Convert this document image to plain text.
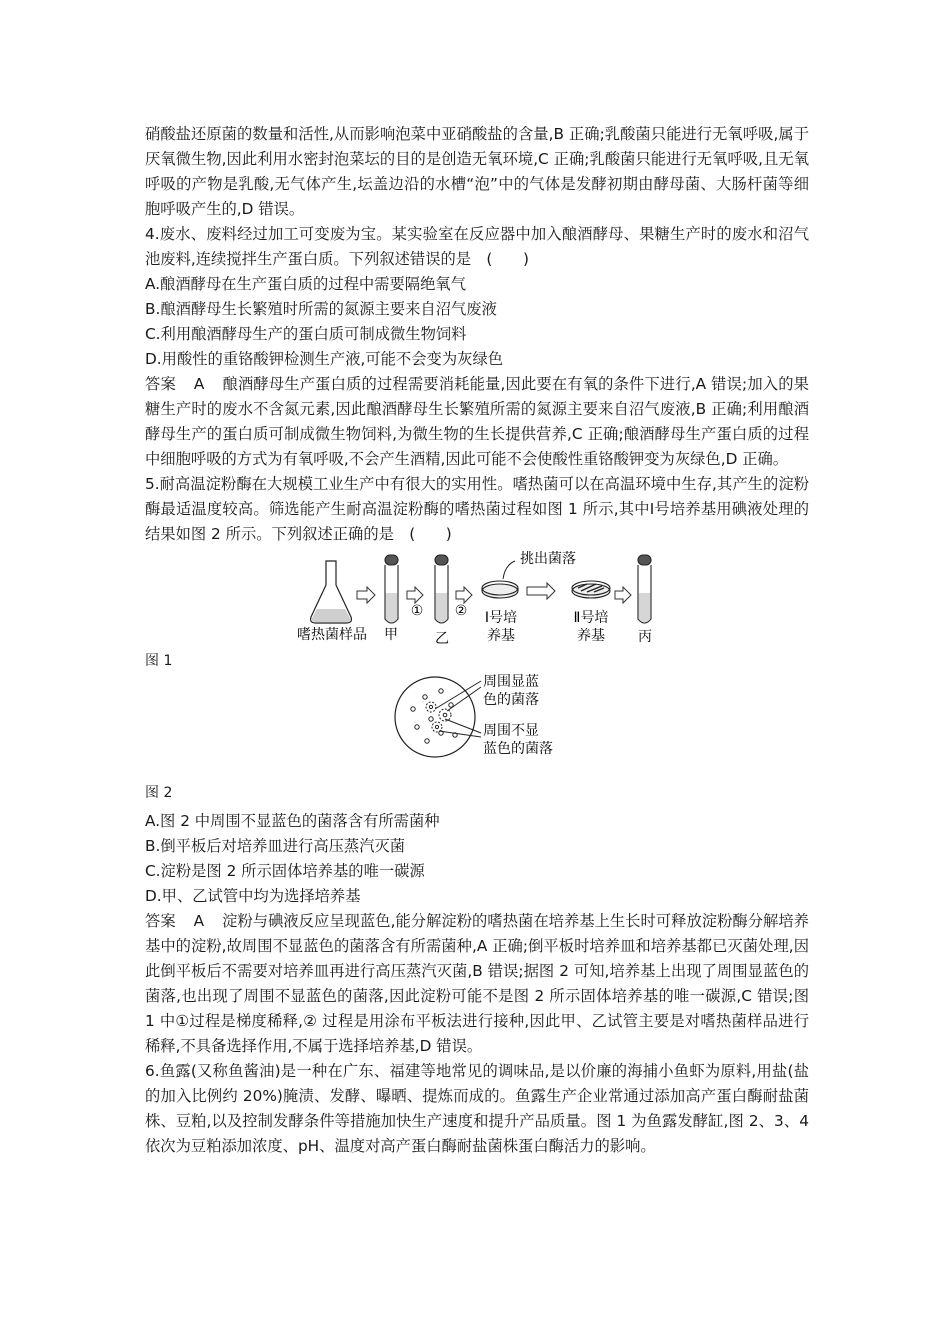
硝酸盐还原菌的数量和活性,从而影响泡菜中亚硝酸盐的含量,B 正确;乳酸菌只能进行无氧呼吸,属于厌氧微生物,因此利用水密封泡菜坛的目的是创造无氧环境,C 正确;乳酸菌只能进行无氧呼吸,且无氧呼吸的产物是乳酸,无气体产生,坛盖边沿的水槽“泡”中的气体是发酵初期由酵母菌、大肠杆菌等细胞呼吸产生的,D 错误。

4.废水、废料经过加工可变废为宝。某实验室在反应器中加入酿酒酵母、果糖生产时的废水和沼气池废料,连续搅拌生产蛋白质。下列叙述错误的是　(　　)

A.酿酒酵母在生产蛋白质的过程中需要隔绝氧气

B.酿酒酵母生长繁殖时所需的氮源主要来自沼气废液

C.利用酿酒酵母生产的蛋白质可制成微生物饲料

D.用酸性的重铬酸钾检测生产液,可能不会变为灰绿色

答案 A 酿酒酵母生产蛋白质的过程需要消耗能量,因此要在有氧的条件下进行,A 错误;加入的果糖生产时的废水不含氮元素,因此酿酒酵母生长繁殖所需的氮源主要来自沼气废液,B 正确;利用酿酒酵母生产的蛋白质可制成微生物饲料,为微生物的生长提供营养,C 正确;酿酒酵母生产蛋白质的过程中细胞呼吸的方式为有氧呼吸,不会产生酒精,因此可能不会使酸性重铬酸钾变为灰绿色,D 正确。

5.耐高温淀粉酶在大规模工业生产中有很大的实用性。嗜热菌可以在高温环境中生存,其产生的淀粉酶最适温度较高。筛选能产生耐高温淀粉酶的嗜热菌过程如图 1 所示,其中Ⅰ号培养基用碘液处理的结果如图 2 所示。下列叙述正确的是　(　　)

① ②
挑出菌落
嗜热菌样品 甲	乙
Ⅰ号培
养基
Ⅱ号培
养基 丙

图 1

周围显蓝
色的菌落
周围不显
蓝色的菌落

图 2

A.图 2 中周围不显蓝色的菌落含有所需菌种

B.倒平板后对培养皿进行高压蒸汽灭菌

C.淀粉是图 2 所示固体培养基的唯一碳源

D.甲、乙试管中均为选择培养基

答案 A 淀粉与碘液反应呈现蓝色,能分解淀粉的嗜热菌在培养基上生长时可释放淀粉酶分解培养基中的淀粉,故周围不显蓝色的菌落含有所需菌种,A 正确;倒平板时培养皿和培养基都已灭菌处理,因此倒平板后不需要对培养皿再进行高压蒸汽灭菌,B 错误;据图 2 可知,培养基上出现了周围显蓝色的菌落,也出现了周围不显蓝色的菌落,因此淀粉可能不是图 2 所示固体培养基的唯一碳源,C 错误;图 1 中①过程是梯度稀释,② 过程是用涂布平板法进行接种,因此甲、乙试管主要是对嗜热菌样品进行稀释,不具备选择作用,不属于选择培养基,D 错误。

6.鱼露(又称鱼酱油)是一种在广东、福建等地常见的调味品,是以价廉的海捕小鱼虾为原料,用盐(盐的加入比例约 20%)腌渍、发酵、曝晒、提炼而成的。鱼露生产企业常通过添加高产蛋白酶耐盐菌株、豆粕,以及控制发酵条件等措施加快生产速度和提升产品质量。图 1 为鱼露发酵缸,图 2、3、4 依次为豆粕添加浓度、pH、温度对高产蛋白酶耐盐菌株蛋白酶活力的影响。
